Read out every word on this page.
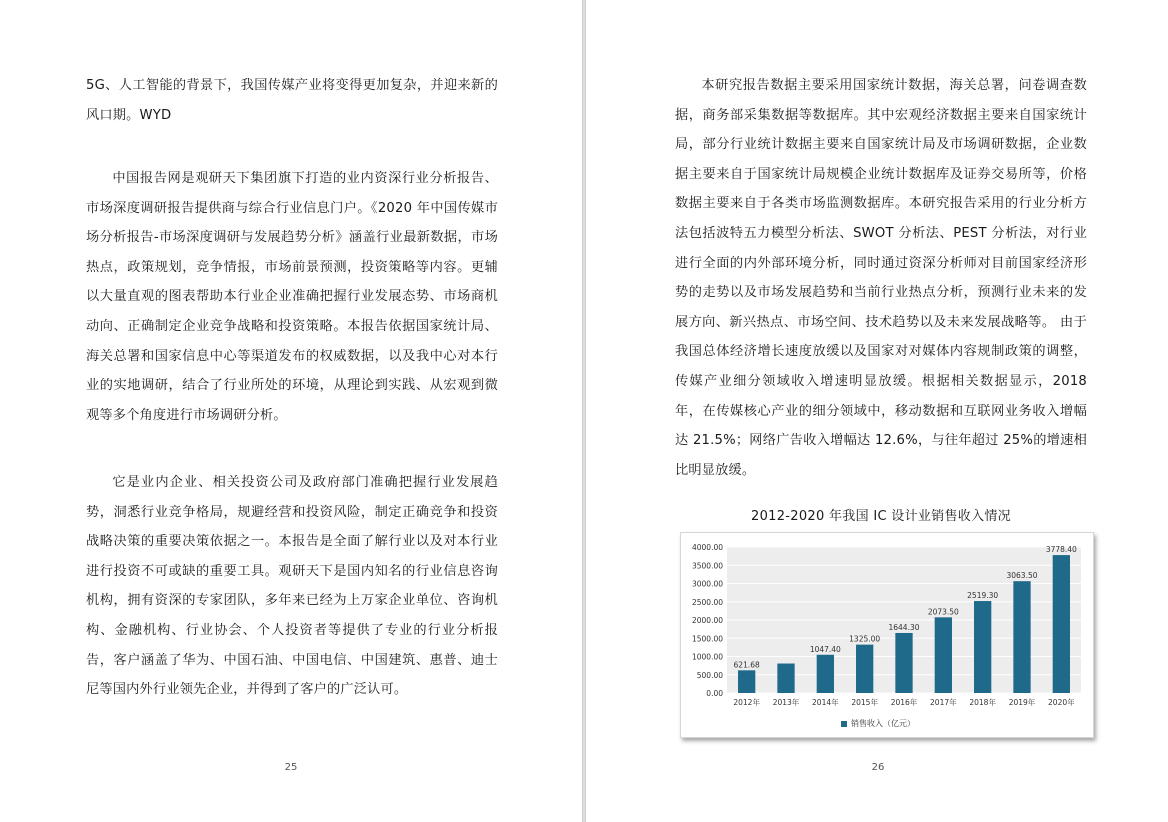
5G、人工智能的背景下，我国传媒产业将变得更加复杂，并迎来新的风口期。WYD

中国报告网是观研天下集团旗下打造的业内资深行业分析报告、市场深度调研报告提供商与综合行业信息门户。《2020 年中国传媒市场分析报告-市场深度调研与发展趋势分析》涵盖行业最新数据，市场热点，政策规划，竞争情报，市场前景预测，投资策略等内容。更辅以大量直观的图表帮助本行业企业准确把握行业发展态势、市场商机动向、正确制定企业竞争战略和投资策略。本报告依据国家统计局、海关总署和国家信息中心等渠道发布的权威数据，以及我中心对本行业的实地调研，结合了行业所处的环境，从理论到实践、从宏观到微观等多个角度进行市场调研分析。

它是业内企业、相关投资公司及政府部门准确把握行业发展趋势，洞悉行业竞争格局，规避经营和投资风险，制定正确竞争和投资战略决策的重要决策依据之一。本报告是全面了解行业以及对本行业进行投资不可或缺的重要工具。观研天下是国内知名的行业信息咨询机构，拥有资深的专家团队，多年来已经为上万家企业单位、咨询机构、金融机构、行业协会、个人投资者等提供了专业的行业分析报告，客户涵盖了华为、中国石油、中国电信、中国建筑、惠普、迪士尼等国内外行业领先企业，并得到了客户的广泛认可。

25

本研究报告数据主要采用国家统计数据，海关总署，问卷调查数据，商务部采集数据等数据库。其中宏观经济数据主要来自国家统计局，部分行业统计数据主要来自国家统计局及市场调研数据，企业数据主要来自于国家统计局规模企业统计数据库及证券交易所等，价格数据主要来自于各类市场监测数据库。本研究报告采用的行业分析方法包括波特五力模型分析法、SWOT 分析法、PEST 分析法，对行业进行全面的内外部环境分析，同时通过资深分析师对目前国家经济形势的走势以及市场发展趋势和当前行业热点分析，预测行业未来的发展方向、新兴热点、市场空间、技术趋势以及未来发展战略等。 由于我国总体经济增长速度放缓以及国家对对媒体内容规制政策的调整，传媒产业细分领域收入增速明显放缓。根据相关数据显示，2018 年，在传媒核心产业的细分领域中，移动数据和互联网业务收入增幅达 21.5%；网络广告收入增幅达 12.6%，与往年超过 25%的增速相比明显放缓。

2012-2020 年我国 IC 设计业销售收入情况
0.00
500.00
1000.00
1500.00
2000.00
2500.00
3000.00
3500.00
4000.00
621.68
2012年 2013年
1047.40
2014年
1325.00
2015年
1644.30
2016年
2073.50
2017年
2519.30
2018年
3063.50
2019年
3778.40
2020年
销售收入（亿元）
26
